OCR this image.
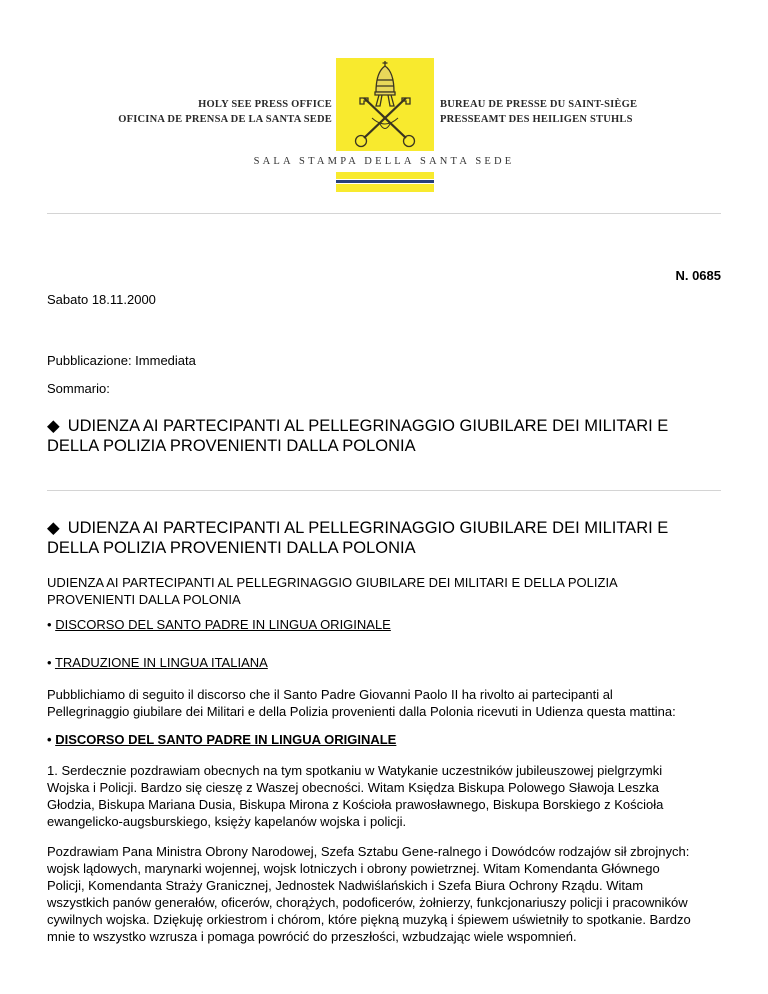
HOLY SEE PRESS OFFICE
OFICINA DE PRENSA DE LA SANTA SEDE
BUREAU DE PRESSE DU SAINT-SIÈGE
PRESSEAMT DES HEILIGEN STUHLS
SALA STAMPA DELLA SANTA SEDE
N. 0685
Sabato 18.11.2000
Pubblicazione: Immediata
Sommario:
◆ UDIENZA AI PARTECIPANTI AL PELLEGRINAGGIO GIUBILARE DEI MILITARI E
DELLA POLIZIA PROVENIENTI DALLA POLONIA
◆ UDIENZA AI PARTECIPANTI AL PELLEGRINAGGIO GIUBILARE DEI MILITARI E
DELLA POLIZIA PROVENIENTI DALLA POLONIA
UDIENZA AI PARTECIPANTI AL PELLEGRINAGGIO GIUBILARE DEI MILITARI E DELLA POLIZIA
PROVENIENTI DALLA POLONIA
• DISCORSO DEL SANTO PADRE IN LINGUA ORIGINALE
• TRADUZIONE IN LINGUA ITALIANA
Pubblichiamo di seguito il discorso che il Santo Padre Giovanni Paolo II ha rivolto ai partecipanti al
Pellegrinaggio giubilare dei Militari e della Polizia provenienti dalla Polonia ricevuti in Udienza questa mattina:
• DISCORSO DEL SANTO PADRE IN LINGUA ORIGINALE
1. Serdecznie pozdrawiam obecnych na tym spotkaniu w Watykanie uczestników jubileuszowej pielgrzymki
Wojska i Policji. Bardzo się cieszę z Waszej obecności. Witam Księdza Biskupa Polowego Sławoja Leszka
Głodzia, Biskupa Mariana Dusia, Biskupa Mirona z Kościoła prawosławnego, Biskupa Borskiego z Kościoła
ewangelicko-augsburskiego, księży kapelanów wojska i policji.
Pozdrawiam Pana Ministra Obrony Narodowej, Szefa Sztabu Gene-ralnego i Dowódców rodzajów sił zbrojnych:
wojsk lądowych, marynarki wojennej, wojsk lotniczych i obrony powietrznej. Witam Komendanta Głównego
Policji, Komendanta Straży Granicznej, Jednostek Nadwiślańskich i Szefa Biura Ochrony Rządu. Witam
wszystkich panów generałów, oficerów, chorążych, podoficerów, żołnierzy, funkcjonariuszy policji i pracowników
cywilnych wojska. Dziękuję orkiestrom i chórom, które piękną muzyką i śpiewem uświetniły to spotkanie. Bardzo
mnie to wszystko wzrusza i pomaga powrócić do przeszłości, wzbudzając wiele wspomnień.
